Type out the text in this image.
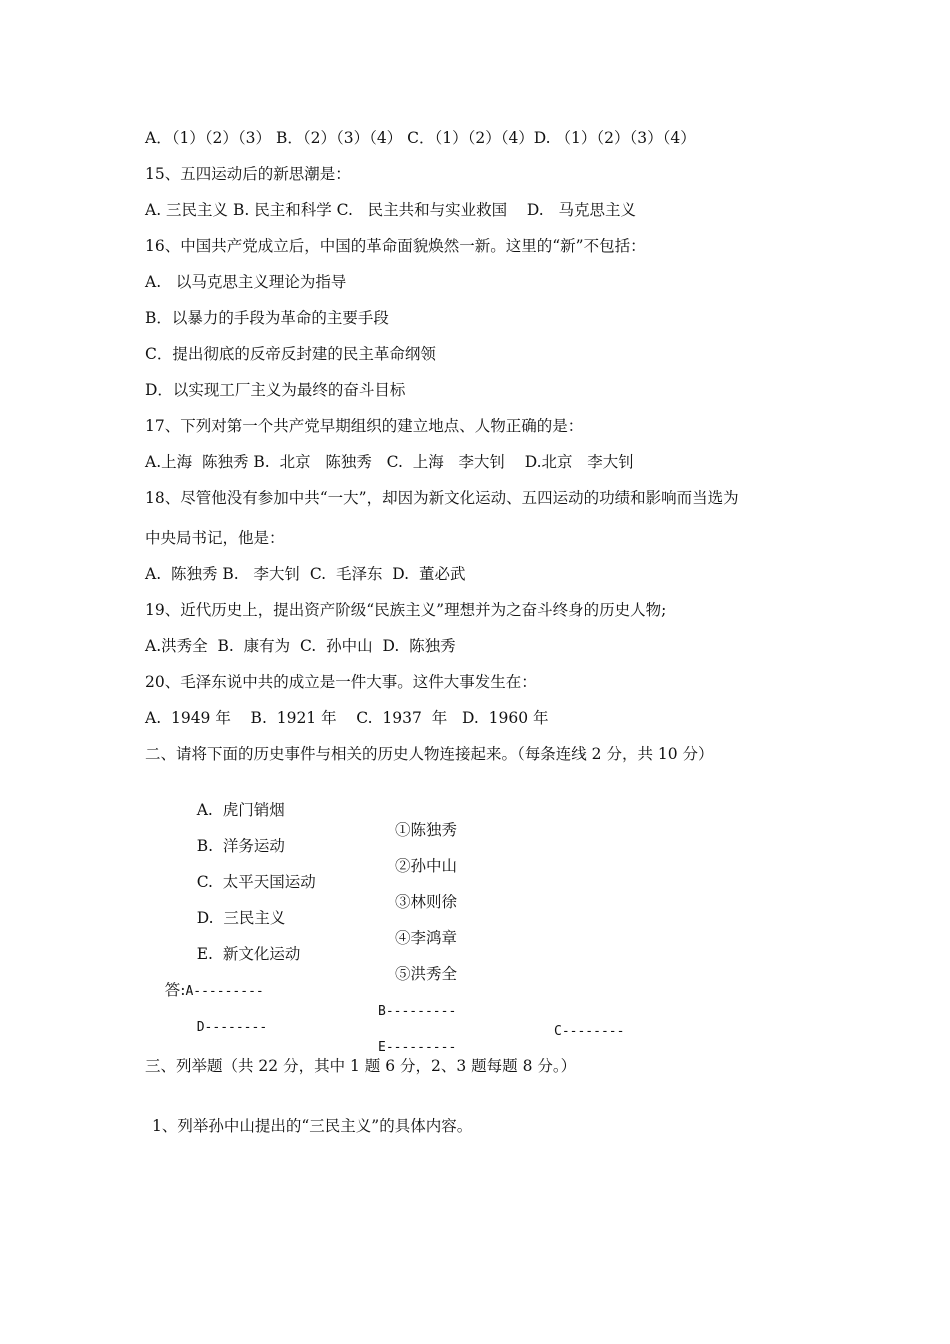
A．（1）（2）（3） B．（2）（3）（4） C．（1）（2）（4）D. （1）（2）（3）（4）
15、五四运动后的新思潮是：
A. 三民主义 B. 民主和科学 C.   民主共和与实业救国    D.   马克思主义
16、中国共产党成立后，中国的革命面貌焕然一新。这里的“新”不包括：
A.   以马克思主义理论为指导
B．以暴力的手段为革命的主要手段
C．提出彻底的反帝反封建的民主革命纲领
D．以实现工厂主义为最终的奋斗目标
17、下列对第一个共产党早期组织的建立地点、人物正确的是：
A.上海  陈独秀 B.  北京   陈独秀   C.  上海   李大钊    D.北京   李大钊
18、尽管他没有参加中共“一大”，却因为新文化运动、五四运动的功绩和影响而当选为
中央局书记，他是：
A.  陈独秀 B.   李大钊  C.  毛泽东  D.  董必武
19、近代历史上，提出资产阶级“民族主义”理想并为之奋斗终身的历史人物;
A.洪秀全  B.  康有为  C.  孙中山  D.  陈独秀
20、毛泽东说中共的成立是一件大事。这件大事发生在：
A.  1949 年    B.  1921 年    C.  1937  年   D.  1960 年
二、请将下面的历史事件与相关的历史人物连接起来。（每条连线 2 分，共 10 分）

A.  虎门销烟

①陈独秀

B.  洋务运动

②孙中山

C.  太平天国运动

③林则徐

D.  三民主义

④李鸿章

E.  新文化运动

⑤洪秀全

答:A---------

B---------

C--------

D--------

E---------

三、列举题（共 22 分，其中 1 题 6 分，2、3 题每题 8 分。）
1、列举孙中山提出的“三民主义”的具体内容。
